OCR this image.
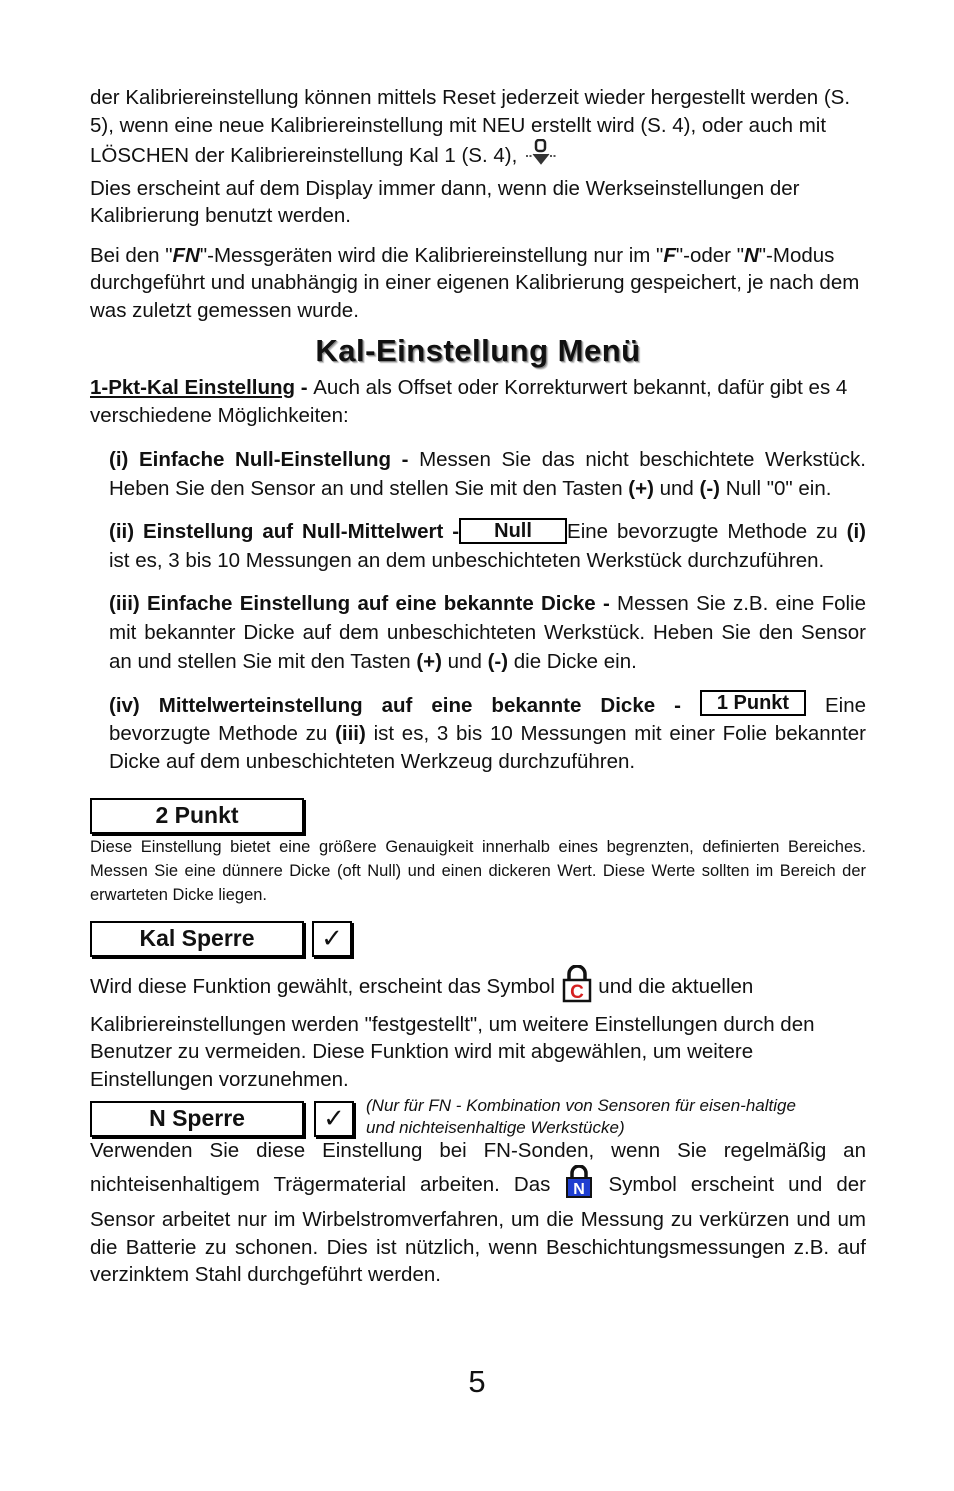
der Kalibriereinstellung können mittels Reset jederzeit wieder hergestellt werden (S. 5), wenn eine neue Kalibriereinstellung mit NEU erstellt wird (S. 4), oder auch mit LÖSCHEN der Kalibriereinstellung Kal 1 (S. 4),
Dies erscheint auf dem Display immer dann, wenn die Werkseinstellungen der Kalibrierung benutzt werden.

Bei den "FN"-Messgeräten wird die Kalibriereinstellung nur im "F"-oder "N"-Modus durchgeführt und unabhängig in einer eigenen Kalibrierung gespeichert, je nach dem was zuletzt gemessen wurde.

Kal-Einstellung Menü

1-Pkt-Kal Einstellung - Auch als Offset oder Korrekturwert bekannt, dafür gibt es 4 verschiedene Möglichkeiten:

(i) Einfache Null-Einstellung - Messen Sie das nicht beschichtete Werkstück. Heben Sie den Sensor an und stellen Sie mit den Tasten (+) und (-) Null "0" ein.

(ii) Einstellung auf Null-Mittelwert - Null Eine bevorzugte Methode zu (i) ist es, 3 bis 10 Messungen an dem unbeschichteten Werkstück durchzuführen.

(iii) Einfache Einstellung auf eine bekannte Dicke - Messen Sie z.B. eine Folie mit bekannter Dicke auf dem unbeschichteten Werkstück. Heben Sie den Sensor an und stellen Sie mit den Tasten (+) und (-) die Dicke ein.

(iv) Mittelwerteinstellung auf eine bekannte Dicke - 1 Punkt Eine bevorzugte Methode zu (iii) ist es, 3 bis 10 Messungen mit einer Folie bekannter Dicke auf dem unbeschichteten Werkzeug durchzuführen.

2 Punkt

Diese Einstellung bietet eine größere Genauigkeit innerhalb eines begrenzten, definierten Bereiches. Messen Sie eine dünnere Dicke (oft Null) und einen dickeren Wert. Diese Werte sollten im Bereich der erwarteten Dicke liegen.

Kal Sperre	✓

Wird diese Funktion gewählt, erscheint das Symbol C und die aktuellen Kalibriereinstellungen werden "festgestellt", um weitere Einstellungen durch den Benutzer zu vermeiden. Diese Funktion wird mit abgewählen, um weitere Einstellungen vorzunehmen.

N Sperre	✓	(Nur für FN - Kombination von Sensoren für eisen-haltige und nichteisenhaltige Werkstücke)

Verwenden Sie diese Einstellung bei FN-Sonden, wenn Sie regelmäßig an nichteisenhaltigem Trägermaterial arbeiten. Das N Symbol erscheint und der Sensor arbeitet nur im Wirbelstromverfahren, um die Messung zu verkürzen und um die Batterie zu schonen. Dies ist nützlich, wenn Beschichtungsmessungen z.B. auf verzinktem Stahl durchgeführt werden.

5
